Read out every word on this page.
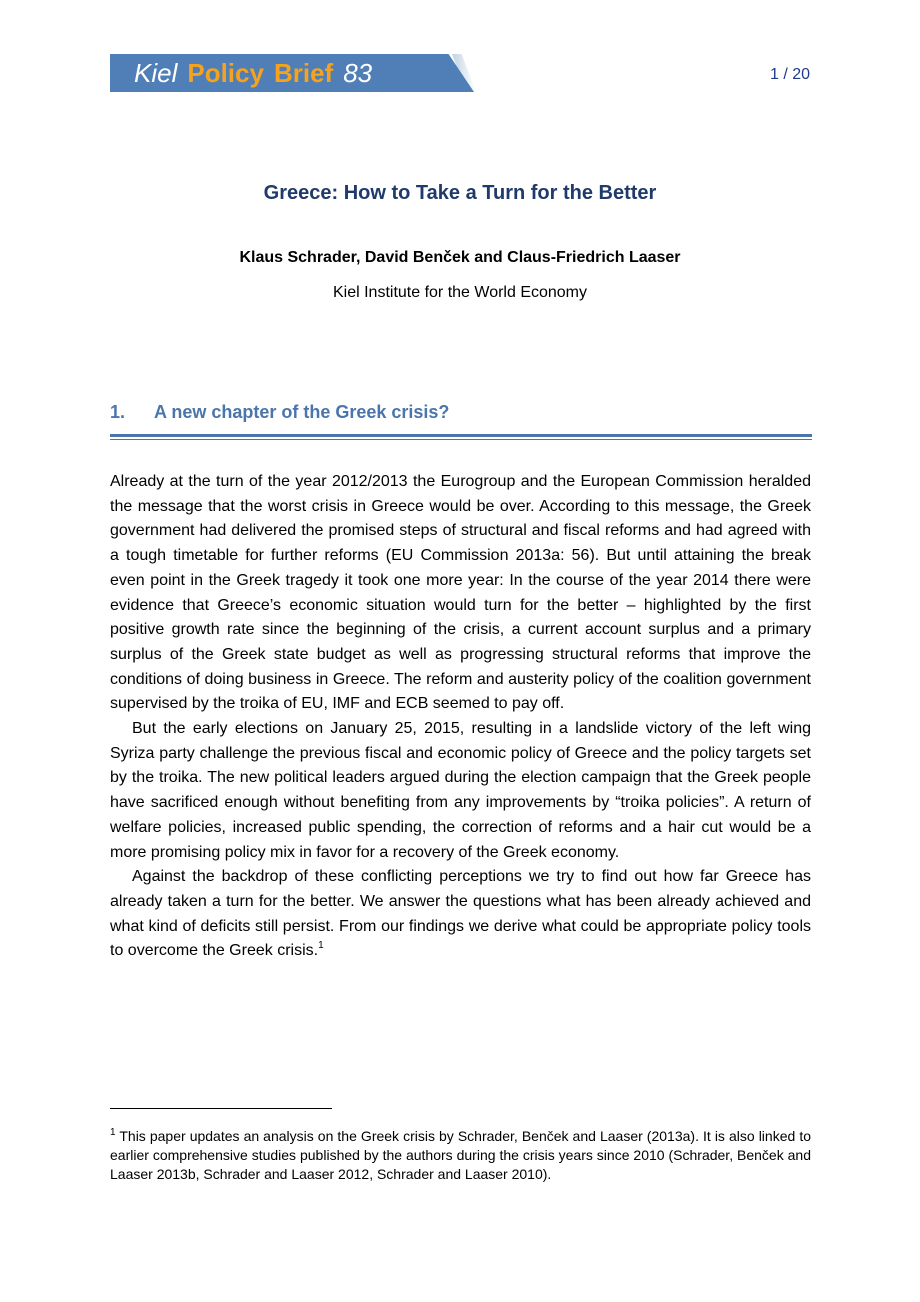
Kiel Policy Brief 83	1 / 20
Greece: How to Take a Turn for the Better
Klaus Schrader, David Benček and Claus-Friedrich Laaser
Kiel Institute for the World Economy
1. A new chapter of the Greek crisis?

Already at the turn of the year 2012/2013 the Eurogroup and the European Commission heralded the message that the worst crisis in Greece would be over. According to this message, the Greek government had delivered the promised steps of structural and fiscal reforms and had agreed with a tough timetable for further reforms (EU Commission 2013a: 56). But until attaining the break even point in the Greek tragedy it took one more year: In the course of the year 2014 there were evidence that Greece’s economic situation would turn for the better – highlighted by the first positive growth rate since the beginning of the crisis, a current account surplus and a primary surplus of the Greek state budget as well as progressing structural reforms that improve the conditions of doing business in Greece. The reform and austerity policy of the coalition government supervised by the troika of EU, IMF and ECB seemed to pay off.

But the early elections on January 25, 2015, resulting in a landslide victory of the left wing Syriza party challenge the previous fiscal and economic policy of Greece and the policy targets set by the troika. The new political leaders argued during the election campaign that the Greek people have sacrificed enough without benefiting from any improvements by “troika policies”. A return of welfare policies, increased public spending, the correction of reforms and a hair cut would be a more promising policy mix in favor for a recovery of the Greek economy.

Against the backdrop of these conflicting perceptions we try to find out how far Greece has already taken a turn for the better. We answer the questions what has been already achieved and what kind of deficits still persist. From our findings we derive what could be appropriate policy tools to overcome the Greek crisis.$^1$

$^1$ This paper updates an analysis on the Greek crisis by Schrader, Benček and Laaser (2013a). It is also linked to earlier comprehensive studies published by the authors during the crisis years since 2010 (Schrader, Benček and Laaser 2013b, Schrader and Laaser 2012, Schrader and Laaser 2010).
